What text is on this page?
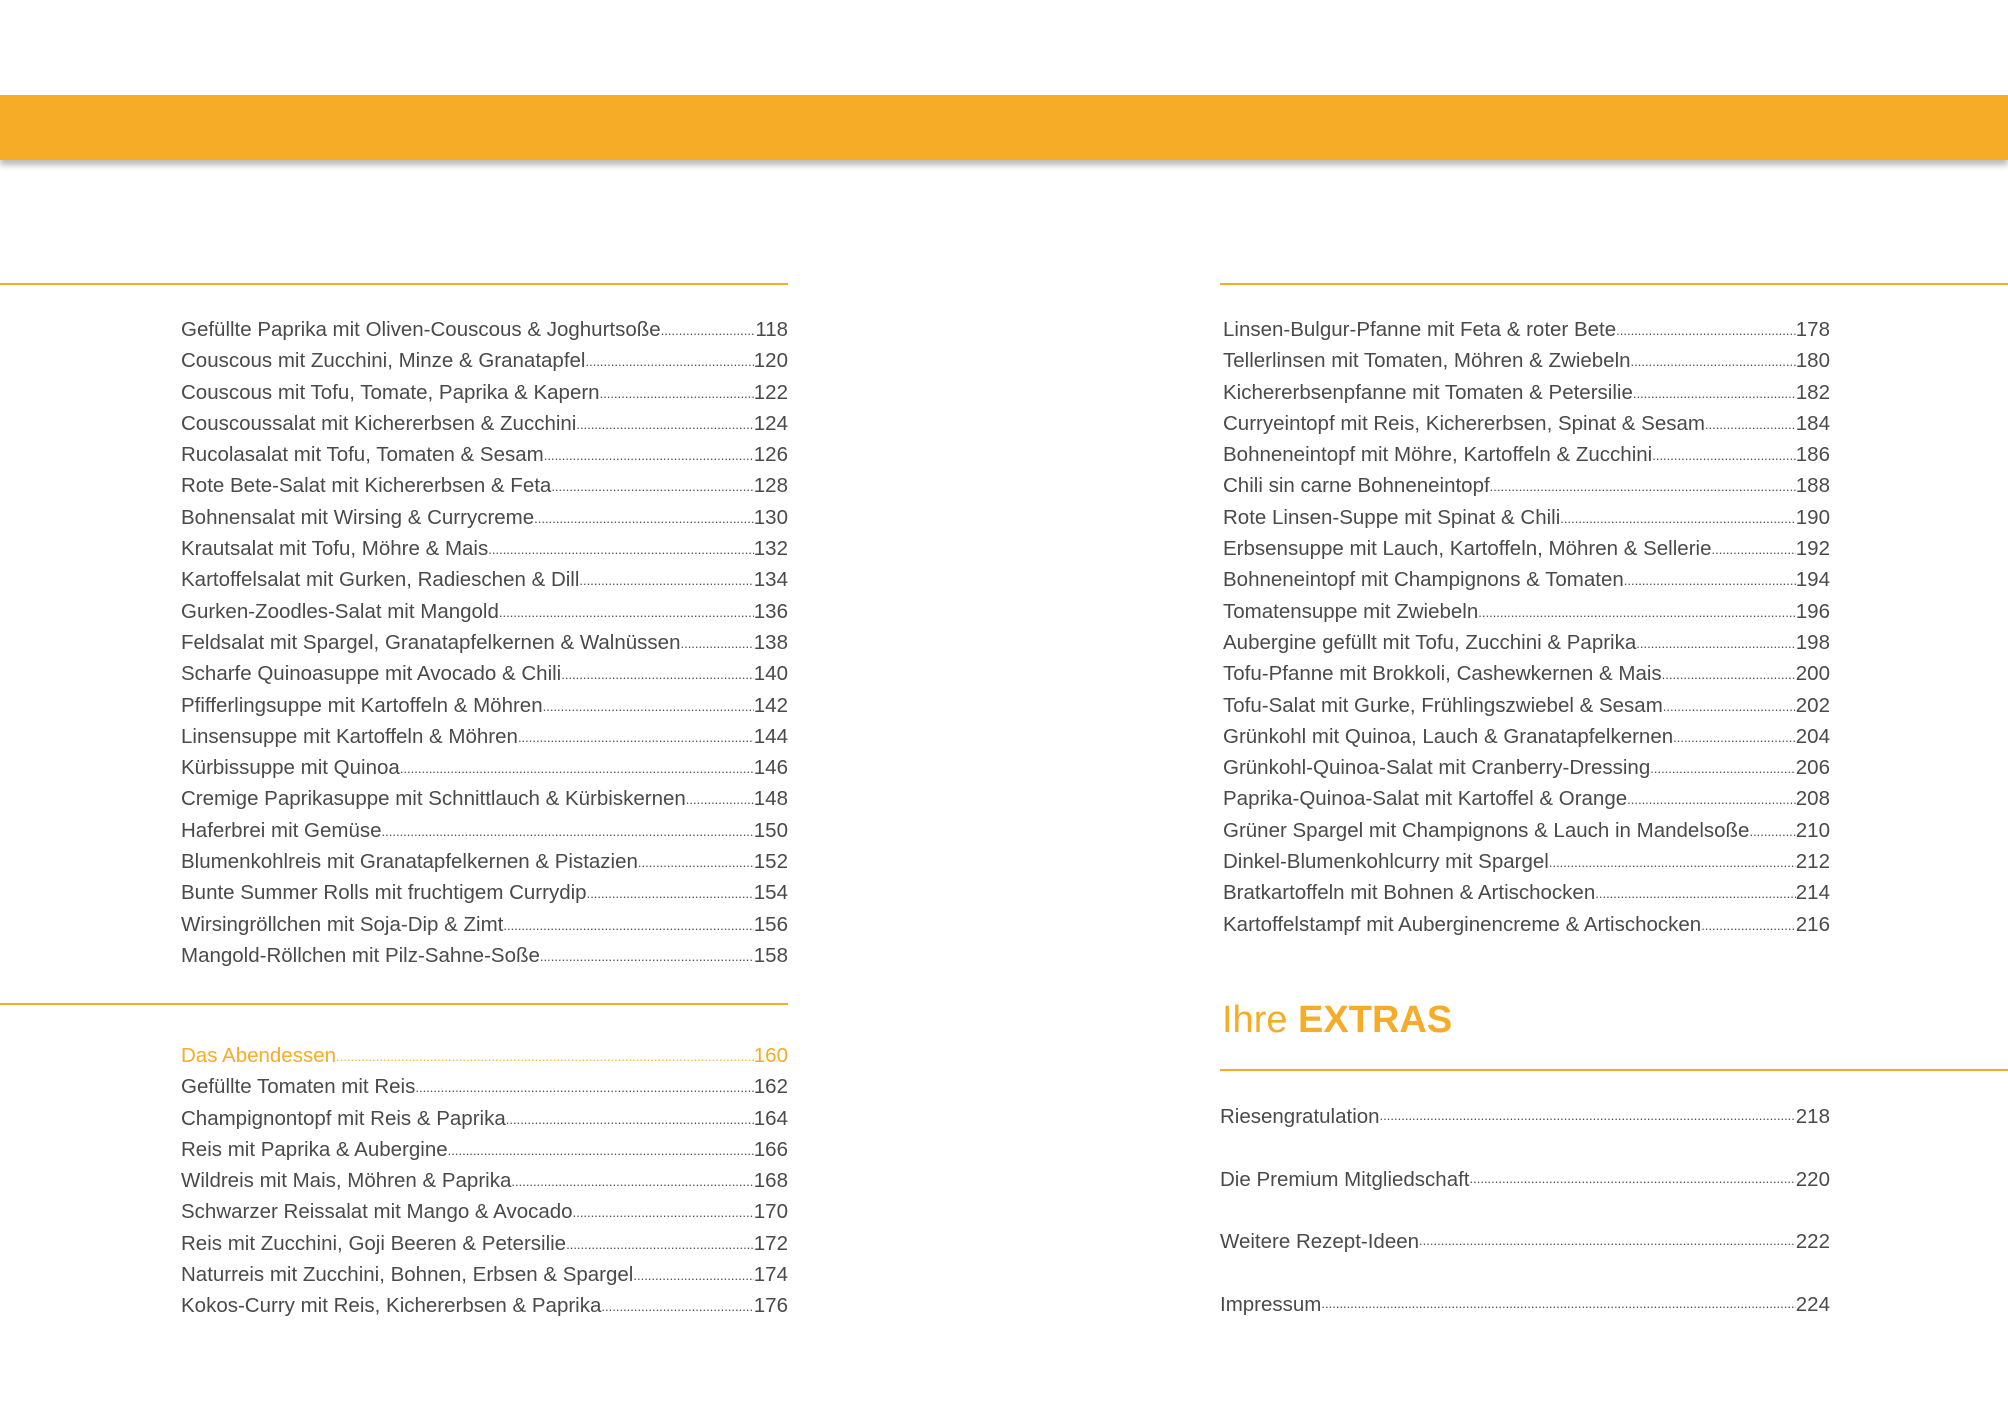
Gefüllte Paprika mit Oliven-Couscous & Joghurtsoße .....	118
Couscous mit Zucchini, Minze & Granatapfel .....	120
Couscous mit Tofu, Tomate, Paprika & Kapern .....	122
Couscoussalat mit Kichererbsen & Zucchini .....	124
Rucolasalat mit Tofu, Tomaten & Sesam .....	126
Rote Bete-Salat mit Kichererbsen & Feta .....	128
Bohnensalat mit Wirsing & Currycreme .....	130
Krautsalat mit Tofu, Möhre & Mais .....	132
Kartoffelsalat mit Gurken, Radieschen & Dill .....	134
Gurken-Zoodles-Salat mit Mangold .....	136
Feldsalat mit Spargel, Granatapfelkernen & Walnüssen .....	138
Scharfe Quinoasuppe mit Avocado & Chili .....	140
Pfifferlingsuppe mit Kartoffeln & Möhren .....	142
Linsensuppe mit Kartoffeln & Möhren .....	144
Kürbissuppe mit Quinoa .....	146
Cremige Paprikasuppe mit Schnittlauch & Kürbiskernen .....	148
Haferbrei mit Gemüse .....	150
Blumenkohlreis mit Granatapfelkernen & Pistazien .....	152
Bunte Summer Rolls mit fruchtigem Currydip .....	154
Wirsingröllchen mit Soja-Dip & Zimt .....	156
Mangold-Röllchen mit Pilz-Sahne-Soße .....	158
Das Abendessen .....	160
Gefüllte Tomaten mit Reis .....	162
Champignontopf mit Reis & Paprika .....	164
Reis mit Paprika & Aubergine .....	166
Wildreis mit Mais, Möhren & Paprika .....	168
Schwarzer Reissalat mit Mango & Avocado .....	170
Reis mit Zucchini, Goji Beeren & Petersilie .....	172
Naturreis mit Zucchini, Bohnen, Erbsen & Spargel .....	174
Kokos-Curry mit Reis, Kichererbsen & Paprika .....	176
Linsen-Bulgur-Pfanne mit Feta & roter Bete .....	178
Tellerlinsen mit Tomaten, Möhren & Zwiebeln .....	180
Kichererbsenpfanne mit Tomaten & Petersilie .....	182
Curryeintopf mit Reis, Kichererbsen, Spinat & Sesam .....	184
Bohneneintopf mit Möhre, Kartoffeln & Zucchini .....	186
Chili sin carne Bohneneintopf .....	188
Rote Linsen-Suppe mit Spinat & Chili .....	190
Erbsensuppe mit Lauch, Kartoffeln, Möhren & Sellerie .....	192
Bohneneintopf mit Champignons & Tomaten .....	194
Tomatensuppe mit Zwiebeln .....	196
Aubergine gefüllt mit Tofu, Zucchini & Paprika .....	198
Tofu-Pfanne mit Brokkoli, Cashewkernen & Mais .....	200
Tofu-Salat mit Gurke, Frühlingszwiebel & Sesam .....	202
Grünkohl mit Quinoa, Lauch & Granatapfelkernen .....	204
Grünkohl-Quinoa-Salat mit Cranberry-Dressing .....	206
Paprika-Quinoa-Salat mit Kartoffel & Orange .....	208
Grüner Spargel mit Champignons & Lauch in Mandelsoße ..... 210
Dinkel-Blumenkohlcurry mit Spargel .....	212
Bratkartoffeln mit Bohnen & Artischocken .....	214
Kartoffelstampf mit Auberginencreme & Artischocken .....	216
Ihre EXTRAS
Riesengratulation .....	218
Die Premium Mitgliedschaft .....	220
Weitere Rezept-Ideen .....	222
Impressum .....	224
